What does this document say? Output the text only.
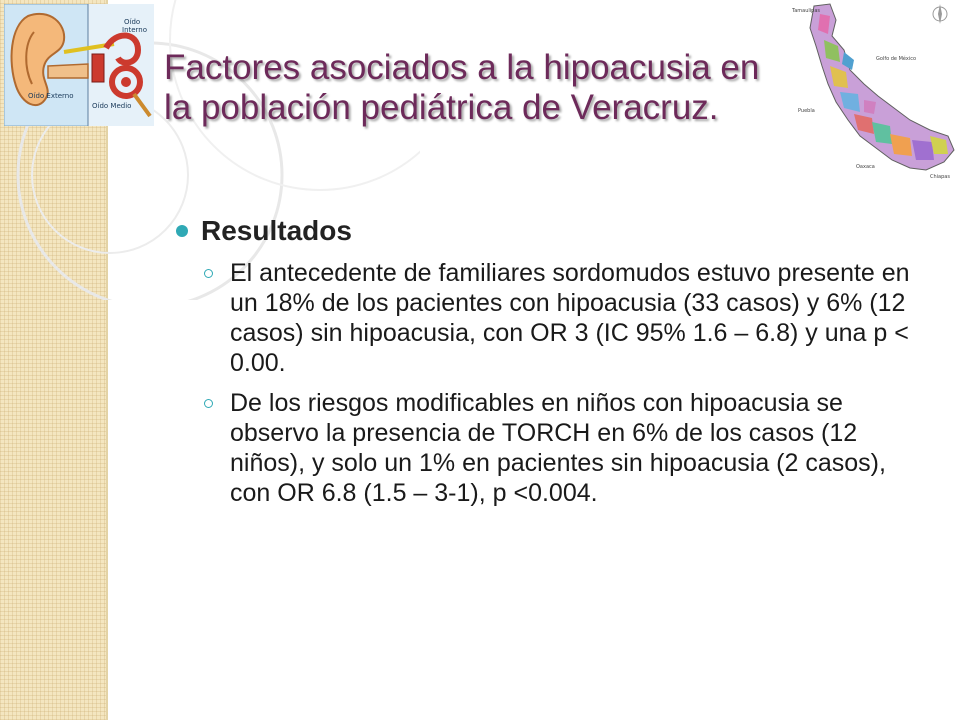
Oído
Interno
Oído Externo
Oído Medio
Factores asociados a la hipoacusia en
la población pediátrica de Veracruz.
Tamaulipas
Golfo de México
Puebla
Oaxaca
Chiapas
Resultados

El antecedente de familiares sordomudos estuvo presente en un 18% de los pacientes con hipoacusia (33 casos) y 6% (12 casos) sin hipoacusia, con OR 3 (IC 95% 1.6 – 6.8) y una p < 0.00.

De los riesgos modificables en niños con hipoacusia se observo la presencia de TORCH en 6% de los casos (12 niños), y solo un 1% en pacientes sin hipoacusia (2 casos), con OR 6.8 (1.5 – 3-1), p <0.004.
